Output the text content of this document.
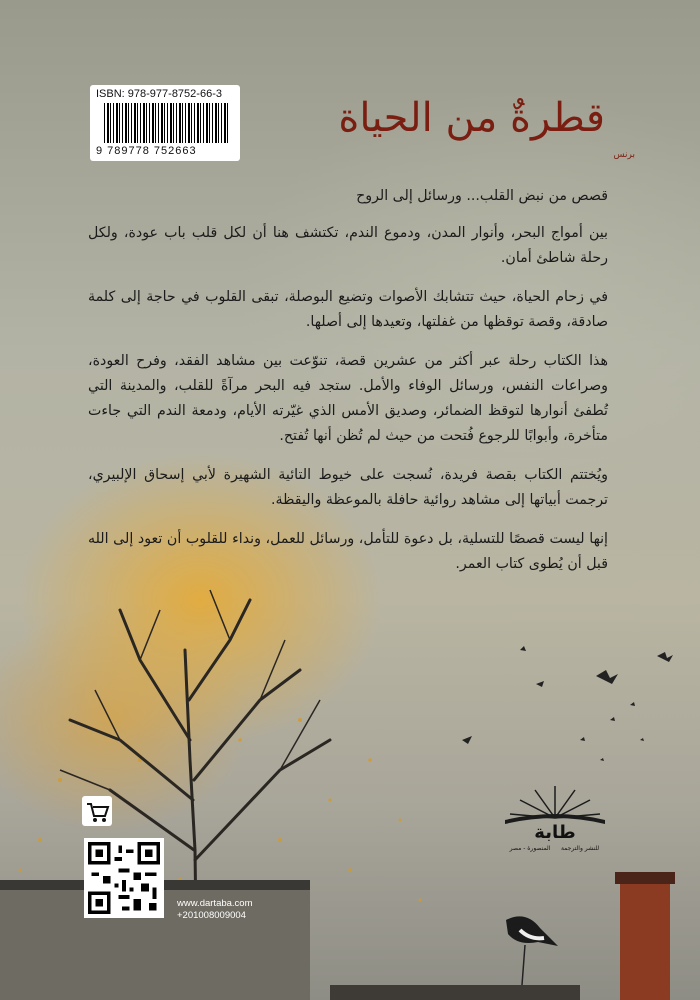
ISBN: 978-977-8752-66-3
9 789778 752663
قطرةٌ من الحياة
برنس

قصص من نبض القلب... ورسائل إلى الروح

بين أمواج البحر، وأنوار المدن، ودموع الندم، تكتشف هنا أن لكل قلب باب عودة، ولكل رحلة شاطئ أمان.

في زحام الحياة، حيث تتشابك الأصوات وتضيع البوصلة، تبقى القلوب في حاجة إلى كلمة صادقة، وقصة توقظها من غفلتها، وتعيدها إلى أصلها.

هذا الكتاب رحلة عبر أكثر من عشرين قصة، تنوّعت بين مشاهد الفقد، وفرح العودة، وصراعات النفس، ورسائل الوفاء والأمل. ستجد فيه البحر مرآةً للقلب، والمدينة التي تُطفئ أنوارها لتوقظ الضمائر، وصديق الأمس الذي غيّرته الأيام، ودمعة الندم التي جاءت متأخرة، وأبوابًا للرجوع فُتحت من حيث لم تُظن أنها تُفتح.

ويُختتم الكتاب بقصة فريدة، نُسجت على خيوط التائية الشهيرة لأبي إسحاق الإلبيري، ترجمت أبياتها إلى مشاهد روائية حافلة بالموعظة واليقظة.

إنها ليست قصصًا للتسلية، بل دعوة للتأمل، ورسائل للعمل، ونداء للقلوب أن تعود إلى الله قبل أن يُطوى كتاب العمر.

طابة
للنشر والترجمة
المنصورة - مصر
www.dartaba.com
+201008009004
